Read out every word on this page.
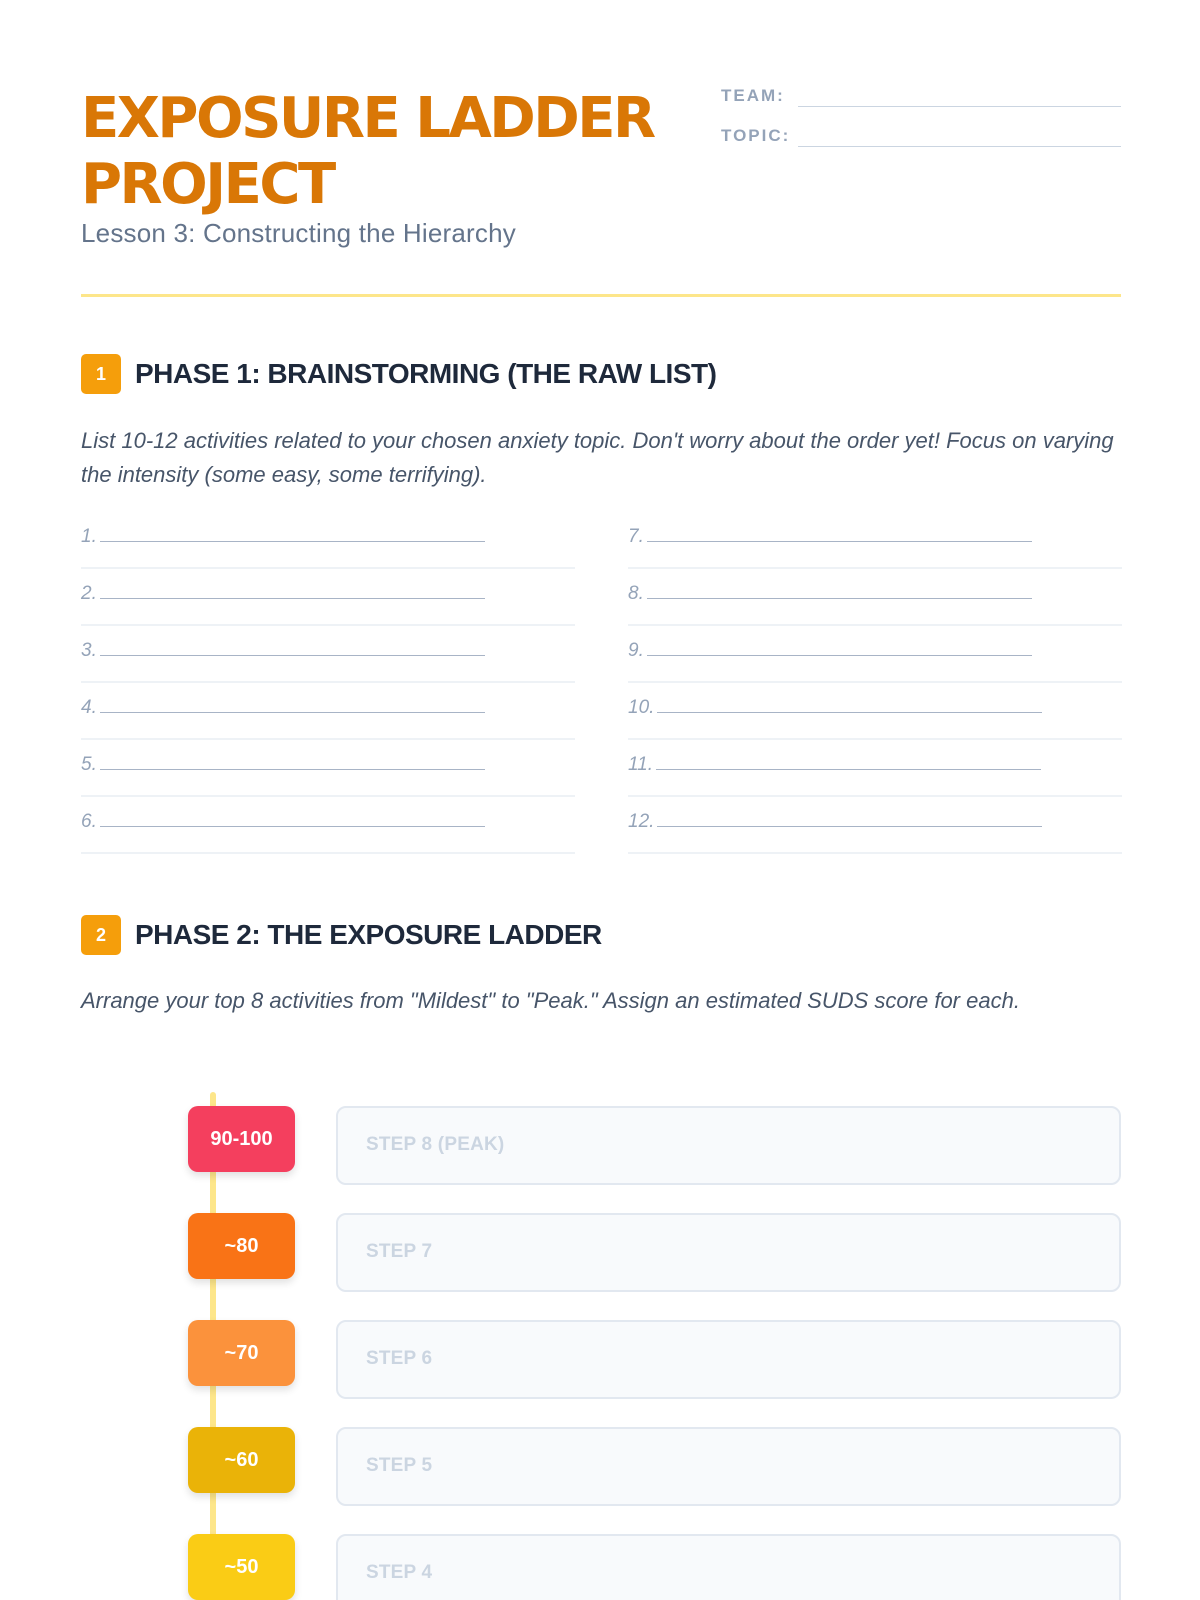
EXPOSURE LADDER PROJECT
Lesson 3: Constructing the Hierarchy
TEAM:
TOPIC:
1	PHASE 1: BRAINSTORMING (THE RAW LIST)

List 10-12 activities related to your chosen anxiety topic. Don't worry about the order yet! Focus on varying the intensity (some easy, some terrifying).

1.
2.
3.
4.
5.
6.
7.
8.
9.
10.
11.
12.
2	PHASE 2: THE EXPOSURE LADDER

Arrange your top 8 activities from "Mildest" to "Peak." Assign an estimated SUDS score for each.

90-100	STEP 8 (PEAK)
~80	STEP 7
~70	STEP 6
~60	STEP 5
~50	STEP 4
